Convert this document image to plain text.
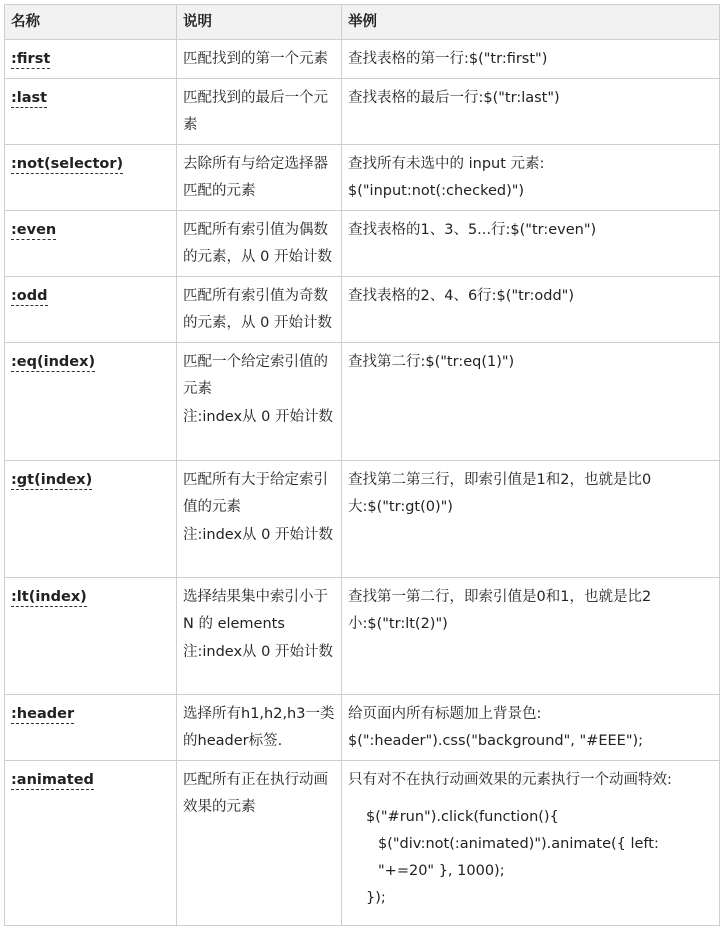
名称	说明	举例
:first	匹配找到的第一个元素	查找表格的第一行:$("tr:first")

:last	匹配找到的最后一个元素	查找表格的最后一行:$("tr:last")

:not(selector)	去除所有与给定选择器匹配的元素	查找所有未选中的 input 元素:
$("input:not(:checked)")

:even	匹配所有索引值为偶数的元素，从 0 开始计数	查找表格的1、3、5...行:$("tr:even")

:odd	匹配所有索引值为奇数的元素，从 0 开始计数	查找表格的2、4、6行:$("tr:odd")

:eq(index)	匹配一个给定索引值的元素
注:index从 0 开始计数	查找第二行:$("tr:eq(1)")

:gt(index)	匹配所有大于给定索引值的元素
注:index从 0 开始计数	查找第二第三行，即索引值是1和2，也就是比0大:$("tr:gt(0)")

:lt(index)	选择结果集中索引小于 N 的 elements
注:index从 0 开始计数	查找第一第二行，即索引值是0和1，也就是比2小:$("tr:lt(2)")

:header	选择所有h1,h2,h3一类的header标签.	给页面内所有标题加上背景色:
$(":header").css("background", "#EEE");

:animated	匹配所有正在执行动画效果的元素	只有对不在执行动画效果的元素执行一个动画特效:
$("#run").click(function(){
$("div:not(:animated)").animate({ left: "+=20" }, 1000);
});
